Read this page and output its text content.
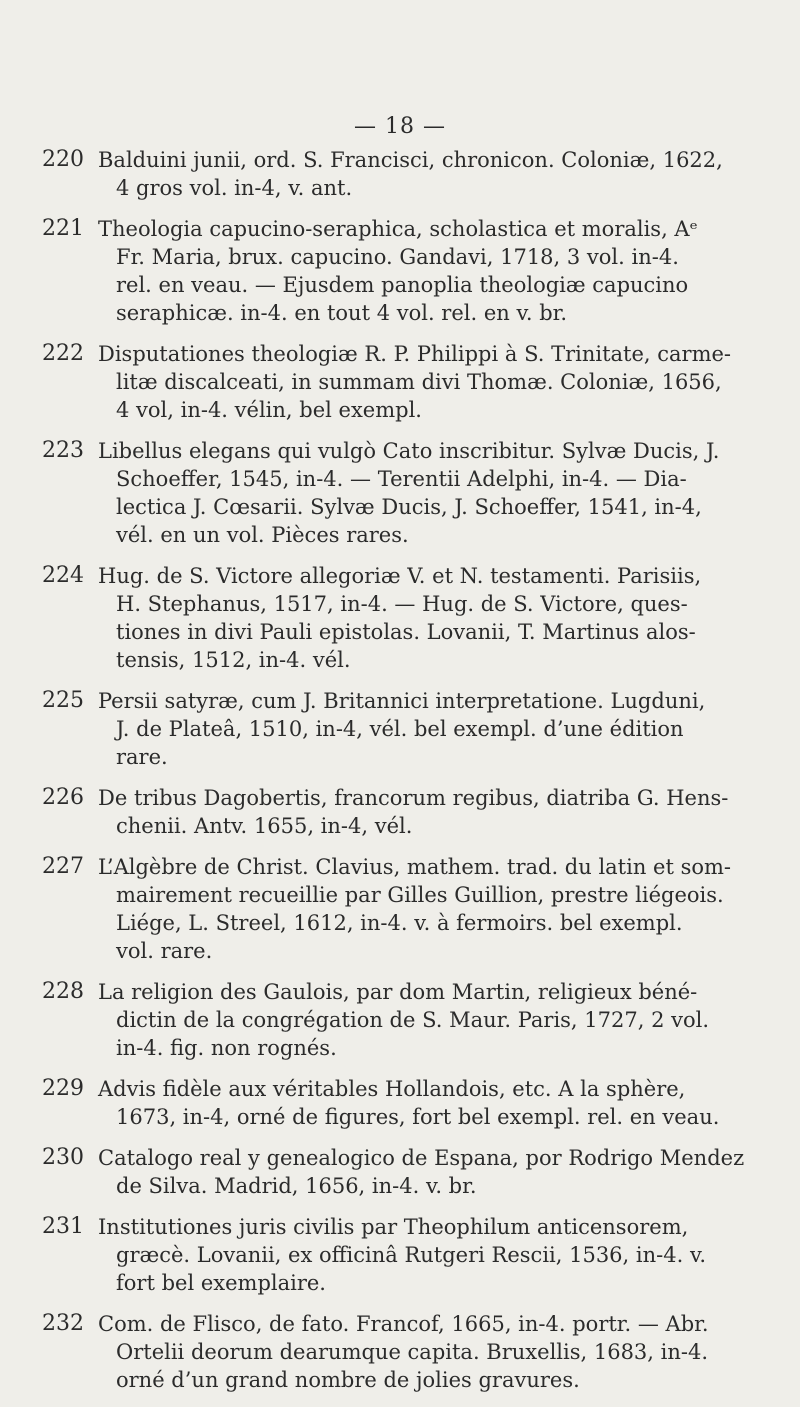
— 18 —
220 Balduini junii, ord. S. Francisci, chronicon. Coloniæ, 1622,
4 gros vol. in-4, v. ant.
221 Theologia capucino-seraphica, scholastica et moralis, Aᵉ
Fr. Maria, brux. capucino. Gandavi, 1718, 3 vol. in-4.
rel. en veau. — Ejusdem panoplia theologiæ capucino
seraphicæ. in-4. en tout 4 vol. rel. en v. br.
222 Disputationes theologiæ R. P. Philippi à S. Trinitate, carme-
litæ discalceati, in summam divi Thomæ. Coloniæ, 1656,
4 vol, in-4. vélin, bel exempl.
223 Libellus elegans qui vulgò Cato inscribitur. Sylvæ Ducis, J.
Schoeffer, 1545, in-4. — Terentii Adelphi, in-4. — Dia-
lectica J. Cœsarii. Sylvæ Ducis, J. Schoeffer, 1541, in-4,
vél. en un vol. Pièces rares.
224 Hug. de S. Victore allegoriæ V. et N. testamenti. Parisiis,
H. Stephanus, 1517, in-4. — Hug. de S. Victore, ques-
tiones in divi Pauli epistolas. Lovanii, T. Martinus alos-
tensis, 1512, in-4. vél.
225 Persii satyræ, cum J. Britannici interpretatione. Lugduni,
J. de Plateâ, 1510, in-4, vél. bel exempl. d’une édition
rare.
226 De tribus Dagobertis, francorum regibus, diatriba G. Hens-
chenii. Antv. 1655, in-4, vél.
227 L’Algèbre de Christ. Clavius, mathem. trad. du latin et som-
mairement recueillie par Gilles Guillion, prestre liégeois.
Liége, L. Streel, 1612, in-4. v. à fermoirs. bel exempl.
vol. rare.
228 La religion des Gaulois, par dom Martin, religieux béné-
dictin de la congrégation de S. Maur. Paris, 1727, 2 vol.
in-4. fig. non rognés.
229 Advis fidèle aux véritables Hollandois, etc. A la sphère,
1673, in-4, orné de figures, fort bel exempl. rel. en veau.
230 Catalogo real y genealogico de Espana, por Rodrigo Mendez
de Silva. Madrid, 1656, in-4. v. br.
231 Institutiones juris civilis par Theophilum anticensorem,
græcè. Lovanii, ex officinâ Rutgeri Rescii, 1536, in-4. v.
fort bel exemplaire.
232 Com. de Flisco, de fato. Francof, 1665, in-4. portr. — Abr.
Ortelii deorum dearumque capita. Bruxellis, 1683, in-4.
orné d’un grand nombre de jolies gravures.
